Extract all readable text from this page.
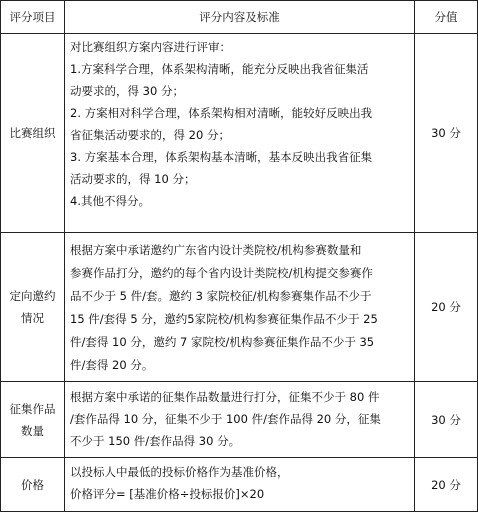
评分项目	评分内容及标准	分值
比赛组织

对比赛组织方案内容进行评审：

1.方案科学合理，体系架构清晰，能充分反映出我省征集活

动要求的，得 30 分；

2. 方案相对科学合理，体系架构相对清晰，能较好反映出我

省征集活动要求的，得 20 分；

3. 方案基本合理，体系架构基本清晰，基本反映出我省征集

活动要求的，得 10 分；

4.其他不得分。

30 分
定向邀约
情况

根据方案中承诺邀约广东省内设计类院校/机构参赛数量和

参赛作品打分，邀约的每个省内设计类院校/机构提交参赛作

品不少于 5 件/套。邀约 3 家院校征/机构参赛集作品不少于

15 件/套得 5 分，邀约5家院校/机构参赛征集作品不少于 25

件/套得 10 分，邀约 7 家院校/机构参赛征集作品不少于 35

件/套得 20 分。

20 分
征集作品
数量

根据方案中承诺的征集作品数量进行打分，征集不少于 80 件

/套作品得 10 分，征集不少于 100 件/套作品得 20 分，征集

不少于 150 件/套作品得 30 分。

30 分
价格

以投标人中最低的投标价格作为基准价格，

价格评分= [基准价格÷投标报价]×20

20 分
